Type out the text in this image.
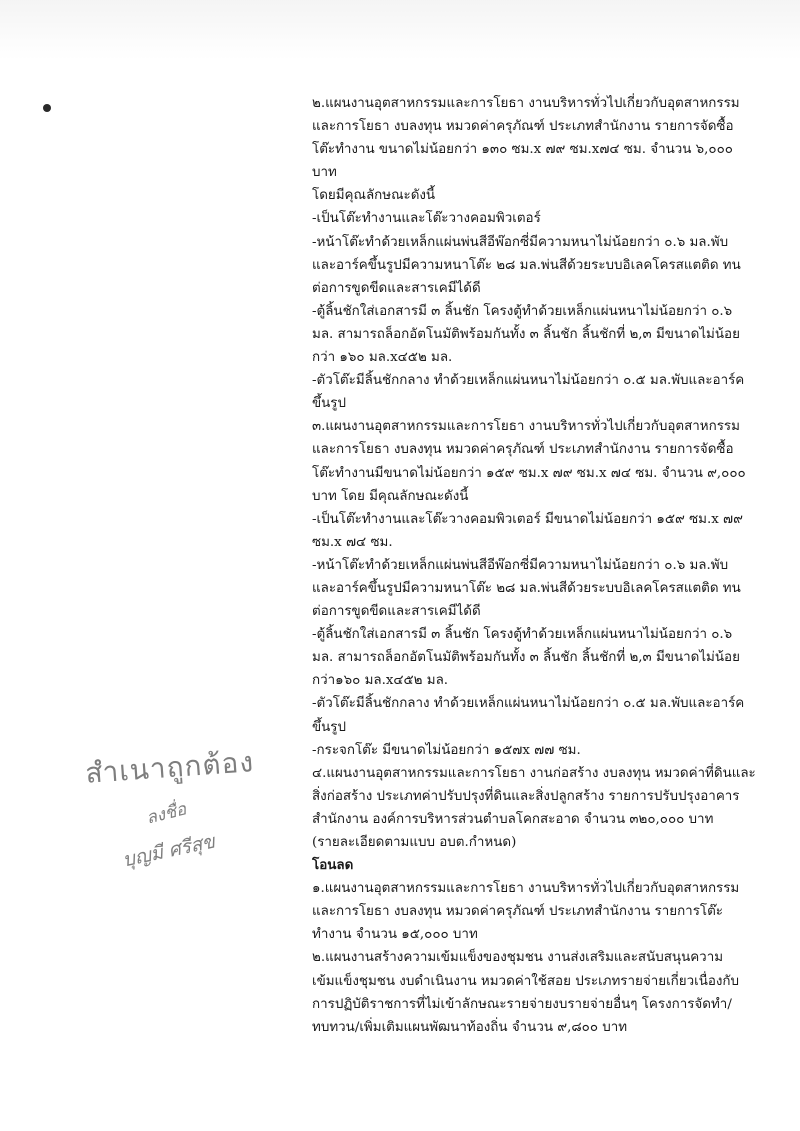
๒.แผนงานอุตสาหกรรมและการโยธา งานบริหารทั่วไปเกี่ยวกับอุตสาหกรรม
และการโยธา งบลงทุน หมวดค่าครุภัณฑ์ ประเภทสำนักงาน รายการจัดซื้อ
โต๊ะทำงาน ขนาดไม่น้อยกว่า ๑๓๐ ซม.x ๗๙ ซม.x๗๔ ซม. จำนวน ๖,๐๐๐
บาท
โดยมีคุณลักษณะดังนี้
-เป็นโต๊ะทำงานและโต๊ะวางคอมพิวเตอร์
-หน้าโต๊ะทำด้วยเหล็กแผ่นพ่นสีอีพ๊อกซี่มีความหนาไม่น้อยกว่า ๐.๖ มล.พับ
และอาร์คขึ้นรูปมีความหนาโต๊ะ ๒๘ มล.พ่นสีด้วยระบบอิเลคโครสแตติด ทน
ต่อการขูดขีดและสารเคมีได้ดี
-ตู้ลิ้นชักใส่เอกสารมี ๓ ลิ้นชัก โครงตู้ทำด้วยเหล็กแผ่นหนาไม่น้อยกว่า ๐.๖
มล. สามารถล็อกอัตโนมัติพร้อมกันทั้ง ๓ ลิ้นชัก ลิ้นชักที่ ๒,๓ มีขนาดไม่น้อย
กว่า ๑๖๐ มล.x๔๕๒ มล.
-ตัวโต๊ะมีลิ้นชักกลาง ทำด้วยเหล็กแผ่นหนาไม่น้อยกว่า ๐.๕ มล.พับและอาร์ค
ขึ้นรูป
๓.แผนงานอุตสาหกรรมและการโยธา งานบริหารทั่วไปเกี่ยวกับอุตสาหกรรม
และการโยธา งบลงทุน หมวดค่าครุภัณฑ์ ประเภทสำนักงาน รายการจัดซื้อ
โต๊ะทำงานมีขนาดไม่น้อยกว่า ๑๕๙ ซม.x ๗๙ ซม.x ๗๔ ซม. จำนวน ๙,๐๐๐
บาท โดย มีคุณลักษณะดังนี้
-เป็นโต๊ะทำงานและโต๊ะวางคอมพิวเตอร์ มีขนาดไม่น้อยกว่า ๑๕๙ ซม.x ๗๙
ซม.x ๗๔ ซม.
-หน้าโต๊ะทำด้วยเหล็กแผ่นพ่นสีอีพ๊อกซี่มีความหนาไม่น้อยกว่า ๐.๖ มล.พับ
และอาร์คขึ้นรูปมีความหนาโต๊ะ ๒๘ มล.พ่นสีด้วยระบบอิเลคโครสแตติด ทน
ต่อการขูดขีดและสารเคมีได้ดี
-ตู้ลิ้นชักใส่เอกสารมี ๓ ลิ้นชัก โครงตู้ทำด้วยเหล็กแผ่นหนาไม่น้อยกว่า ๐.๖
มล. สามารถล็อกอัตโนมัติพร้อมกันทั้ง ๓ ลิ้นชัก ลิ้นชักที่ ๒,๓ มีขนาดไม่น้อย
กว่า๑๖๐ มล.x๔๕๒ มล.
-ตัวโต๊ะมีลิ้นชักกลาง ทำด้วยเหล็กแผ่นหนาไม่น้อยกว่า ๐.๕ มล.พับและอาร์ค
ขึ้นรูป
-กระจกโต๊ะ มีขนาดไม่น้อยกว่า ๑๕๗x ๗๗ ซม.
๔.แผนงานอุตสาหกรรมและการโยธา งานก่อสร้าง งบลงทุน หมวดค่าที่ดินและ
สิ่งก่อสร้าง ประเภทค่าปรับปรุงที่ดินและสิ่งปลูกสร้าง รายการปรับปรุงอาคาร
สำนักงาน องค์การบริหารส่วนตำบลโคกสะอาด จำนวน ๓๒๐,๐๐๐ บาท
(รายละเอียดตามแบบ อบต.กำหนด)
โอนลด
๑.แผนงานอุตสาหกรรมและการโยธา งานบริหารทั่วไปเกี่ยวกับอุตสาหกรรม
และการโยธา งบลงทุน หมวดค่าครุภัณฑ์ ประเภทสำนักงาน รายการโต๊ะ
ทำงาน จำนวน ๑๕,๐๐๐ บาท
๒.แผนงานสร้างความเข้มแข็งของชุมชน งานส่งเสริมและสนับสนุนความ
เข้มแข็งชุมชน งบดำเนินงาน หมวดค่าใช้สอย ประเภทรายจ่ายเกี่ยวเนื่องกับ
การปฏิบัติราชการที่ไม่เข้าลักษณะรายจ่ายงบรายจ่ายอื่นๆ โครงการจัดทำ/
ทบทวน/เพิ่มเติมแผนพัฒนาท้องถิ่น จำนวน ๙,๘๐๐ บาท
สำเนาถูกต้อง
ลงชื่อ
บุญมี ศรีสุข
